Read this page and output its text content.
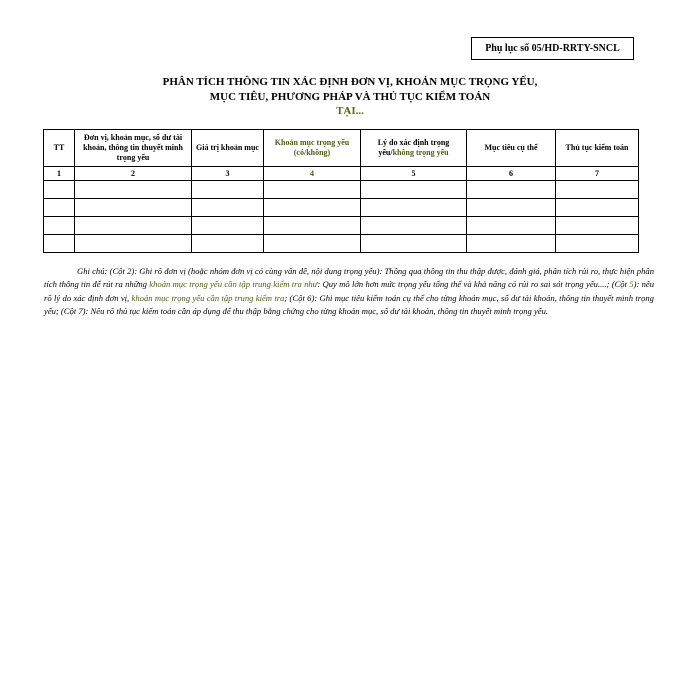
Phụ lục số 05/HD-RRTY-SNCL
PHÂN TÍCH THÔNG TIN XÁC ĐỊNH ĐƠN VỊ, KHOẢN MỤC TRỌNG YẾU,
MỤC TIÊU, PHƯƠNG PHÁP VÀ THỦ TỤC KIỂM TOÁN
TẠI...
TT	Đơn vị, khoản mục, số dư tài khoản, thông tin thuyết minh trọng yếu	Giá trị khoản mục	Khoản mục trọng yếu (có/không)	Lý do xác định trọng yếu/không trọng yếu	Mục tiêu cụ thể	Thủ tục kiểm toán
1	2	3	4	5	6	7

Ghi chú: (Cột 2): Ghi rõ đơn vị (hoặc nhóm đơn vị có cùng vấn đề, nội dung trọng yếu): Thông qua thông tin thu thập được, đánh giá, phân tích rủi ro, thực hiện phân tích thông tin để rút ra những khoản mục trọng yếu cần tập trung kiểm tra như: Quy mô lớn hơn mức trọng yếu tổng thể và khả năng có rủi ro sai sót trọng yếu....; (Cột 5): nêu rõ lý do xác định đơn vị, khoản mục trọng yếu cần tập trung kiểm tra; (Cột 6): Ghi mục tiêu kiểm toán cụ thể cho từng khoản mục, số dư tài khoản, thông tin thuyết minh trọng yếu; (Cột 7): Nêu rõ thủ tục kiểm toán cần áp dụng để thu thập bằng chứng cho từng khoản mục, số dư tài khoản, thông tin thuyết minh trọng yếu.
